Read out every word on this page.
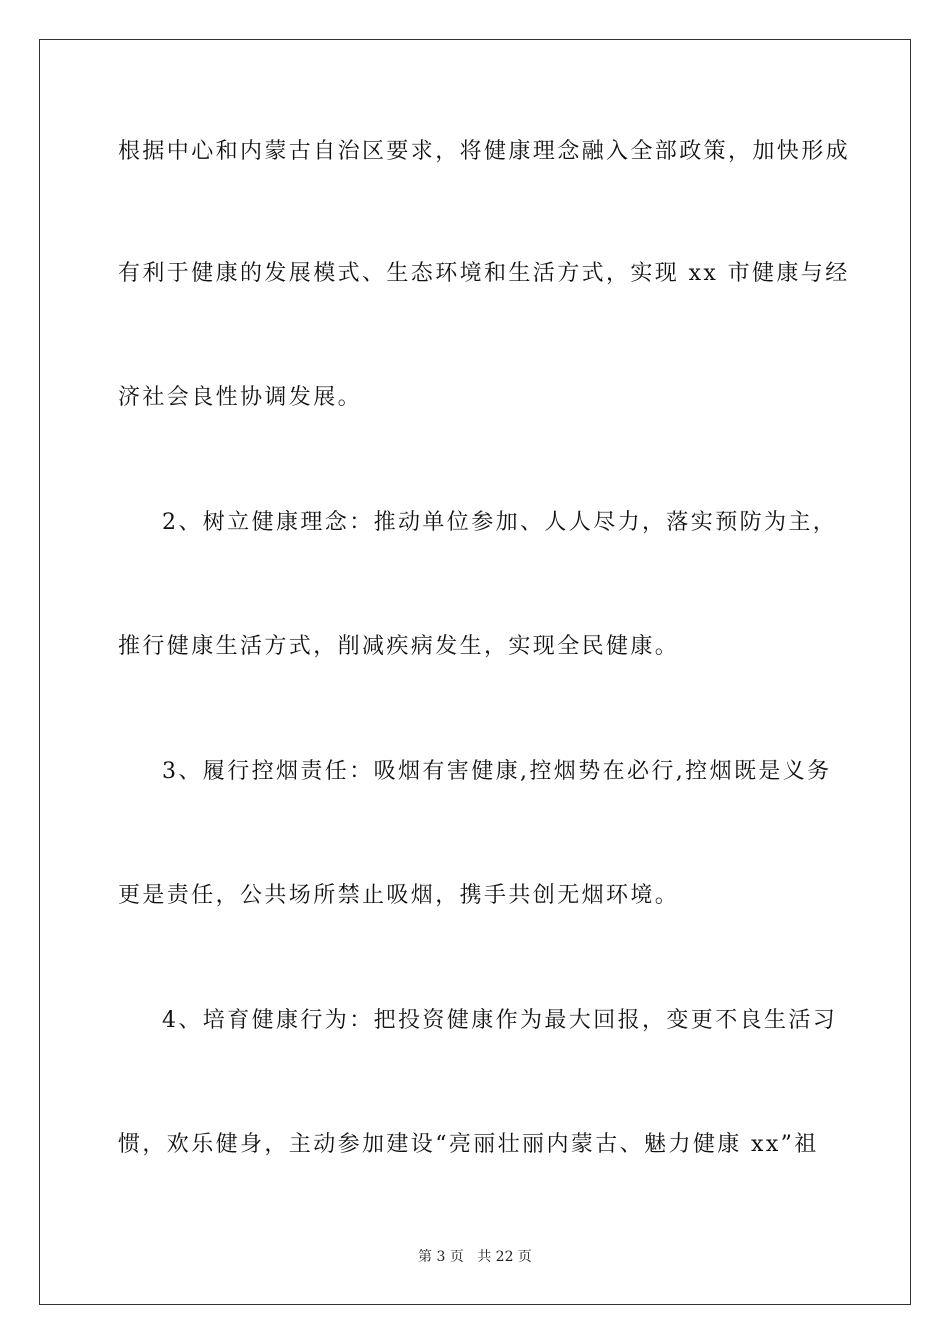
根据中心和内蒙古自治区要求，将健康理念融入全部政策，加快形成
有利于健康的发展模式、生态环境和生活方式，实现 xx 市健康与经
济社会良性协调发展。
2、树立健康理念：推动单位参加、人人尽力，落实预防为主，
推行健康生活方式，削减疾病发生，实现全民健康。
3、履行控烟责任：吸烟有害健康,控烟势在必行,控烟既是义务
更是责任，公共场所禁止吸烟，携手共创无烟环境。
4、培育健康行为：把投资健康作为最大回报，变更不良生活习
惯，欢乐健身，主动参加建设“亮丽壮丽内蒙古、魅力健康 xx”祖
第 3 页 共 22 页
